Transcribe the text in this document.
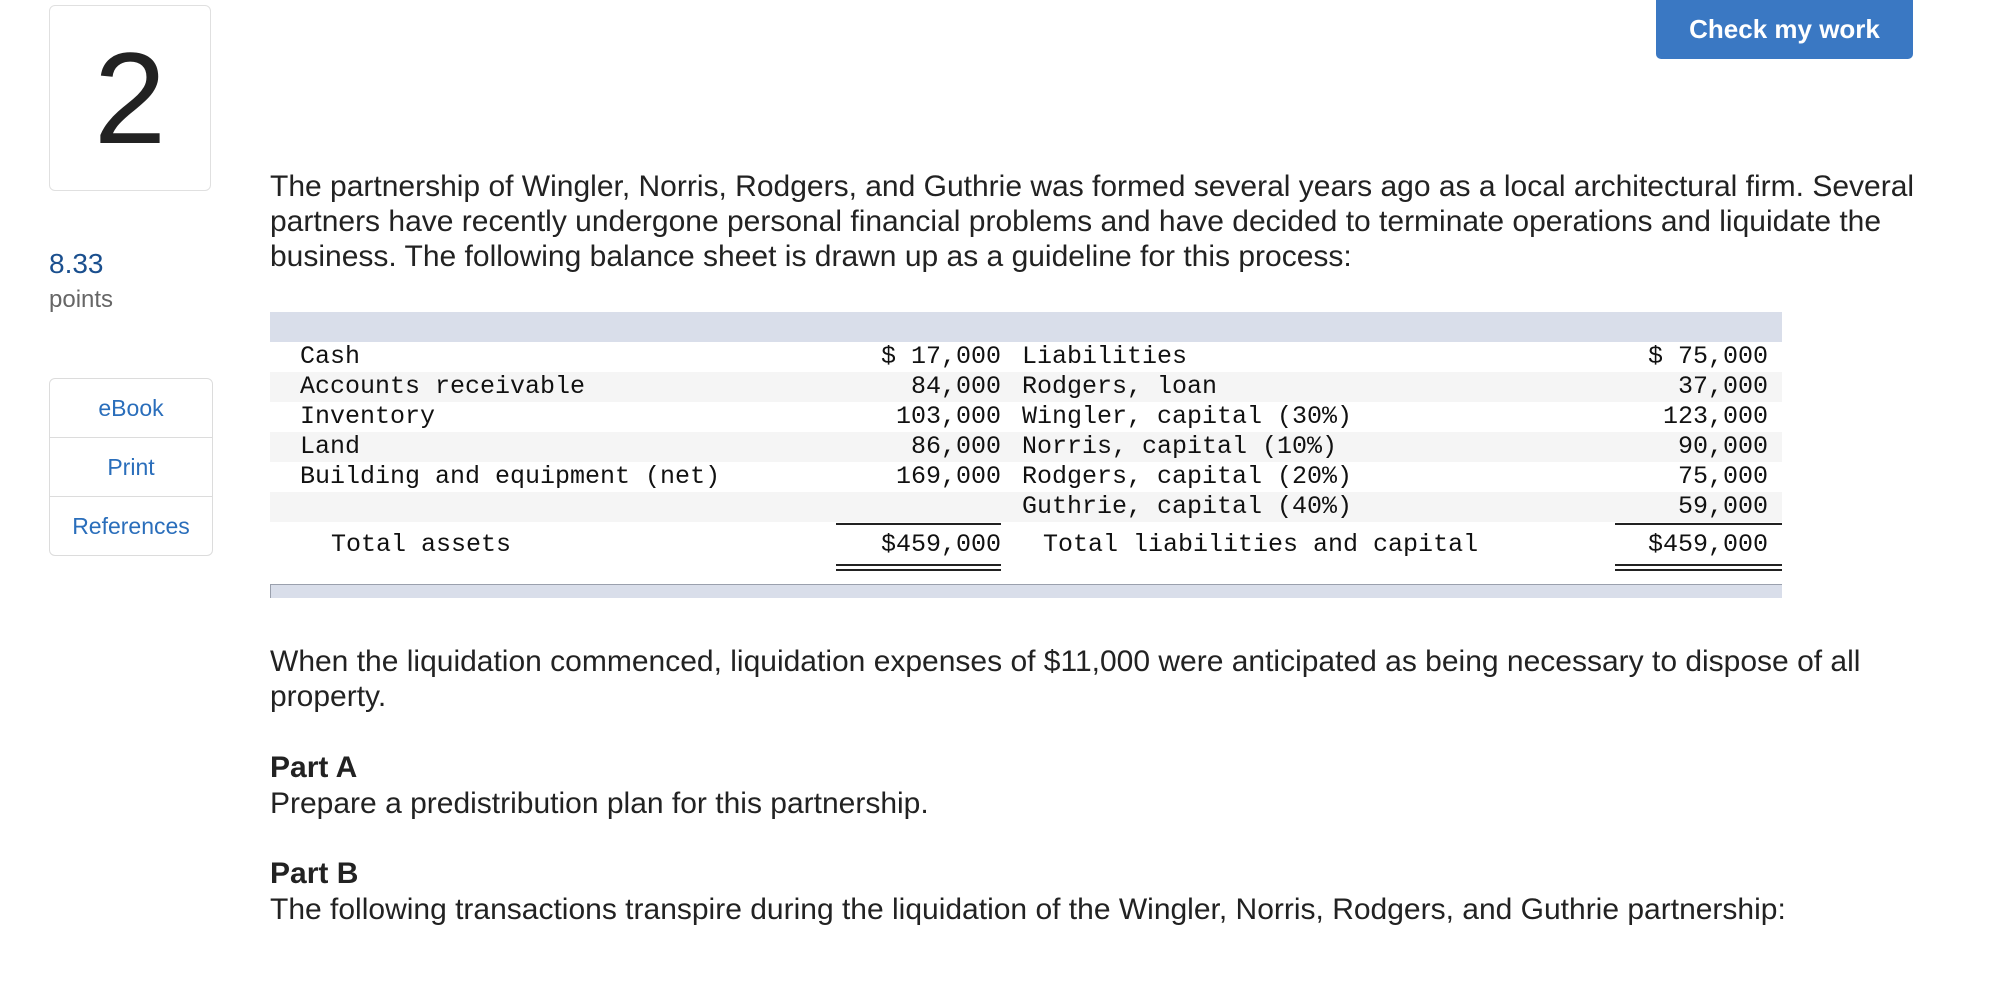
2
8.33
points
eBook
Print
References
Check my work
The partnership of Wingler, Norris, Rodgers, and Guthrie was formed several years ago as a local architectural firm. Several partners have recently undergone personal financial problems and have decided to terminate operations and liquidate the business. The following balance sheet is drawn up as a guideline for this process:
Cash	$ 17,000 Liabilities	$ 75,000
Accounts receivable	84,000 Rodgers, loan	37,000
Inventory	103,000 Wingler, capital (30%)	123,000
Land	86,000 Norris, capital (10%)	90,000
Building and equipment (net)	169,000 Rodgers, capital (20%)	75,000
Guthrie, capital (40%)	59,000
Total assets	$459,000 Total liabilities and capital	$459,000
When the liquidation commenced, liquidation expenses of $11,000 were anticipated as being necessary to dispose of all property.
Part A
Prepare a predistribution plan for this partnership.
Part B
The following transactions transpire during the liquidation of the Wingler, Norris, Rodgers, and Guthrie partnership:
